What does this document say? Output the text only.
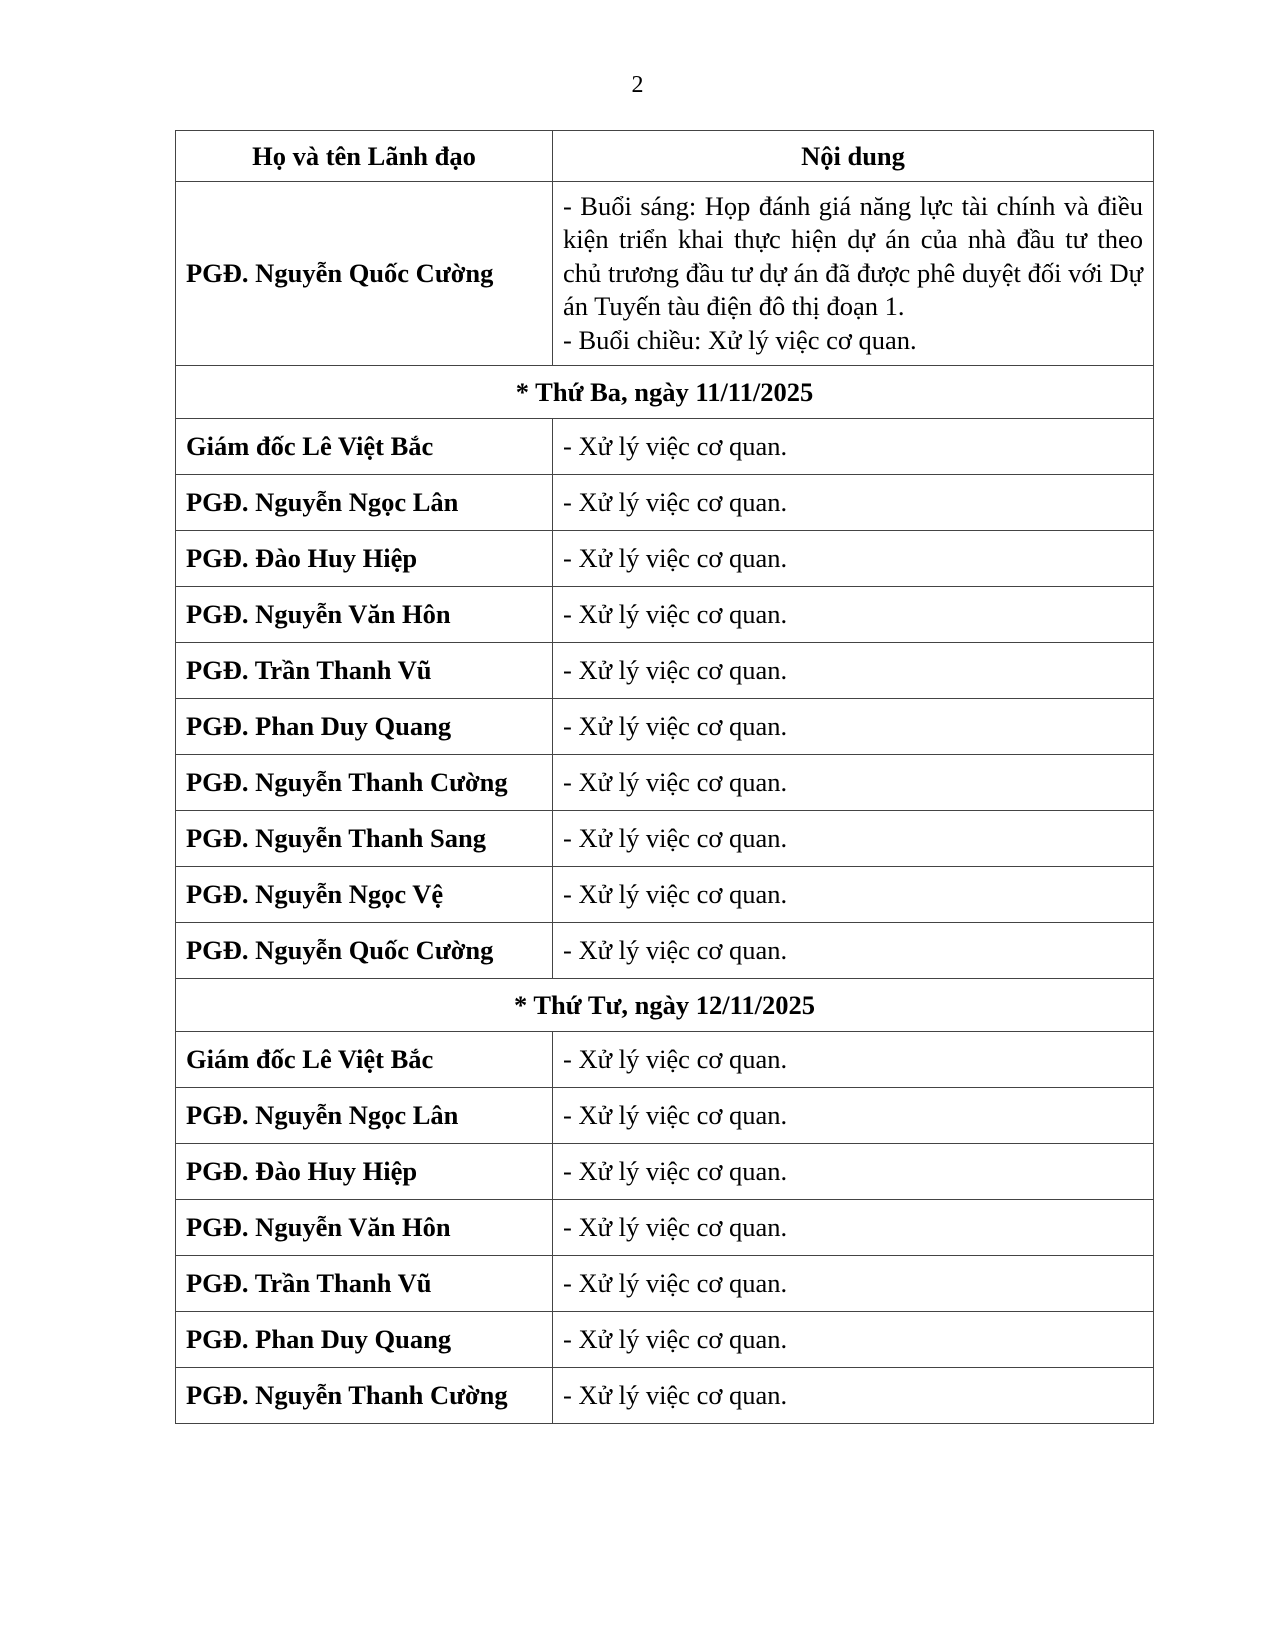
2
Họ và tên Lãnh đạo	Nội dung
PGĐ. Nguyễn Quốc Cường	- Buổi sáng: Họp đánh giá năng lực tài chính và điều kiện triển khai thực hiện dự án của nhà đầu tư theo chủ trương đầu tư dự án đã được phê duyệt đối với Dự án Tuyến tàu điện đô thị đoạn 1.
- Buổi chiều: Xử lý việc cơ quan.

* Thứ Ba, ngày 11/11/2025	
Giám đốc Lê Việt Bắc	- Xử lý việc cơ quan.
PGĐ. Nguyễn Ngọc Lân	- Xử lý việc cơ quan.
PGĐ. Đào Huy Hiệp	- Xử lý việc cơ quan.
PGĐ. Nguyễn Văn Hôn	- Xử lý việc cơ quan.
PGĐ. Trần Thanh Vũ	- Xử lý việc cơ quan.
PGĐ. Phan Duy Quang	- Xử lý việc cơ quan.
PGĐ. Nguyễn Thanh Cường	- Xử lý việc cơ quan.
PGĐ. Nguyễn Thanh Sang	- Xử lý việc cơ quan.
PGĐ. Nguyễn Ngọc Vệ	- Xử lý việc cơ quan.
PGĐ. Nguyễn Quốc Cường	- Xử lý việc cơ quan.
* Thứ Tư, ngày 12/11/2025	
Giám đốc Lê Việt Bắc	- Xử lý việc cơ quan.
PGĐ. Nguyễn Ngọc Lân	- Xử lý việc cơ quan.
PGĐ. Đào Huy Hiệp	- Xử lý việc cơ quan.
PGĐ. Nguyễn Văn Hôn	- Xử lý việc cơ quan.
PGĐ. Trần Thanh Vũ	- Xử lý việc cơ quan.
PGĐ. Phan Duy Quang	- Xử lý việc cơ quan.
PGĐ. Nguyễn Thanh Cường	- Xử lý việc cơ quan.
